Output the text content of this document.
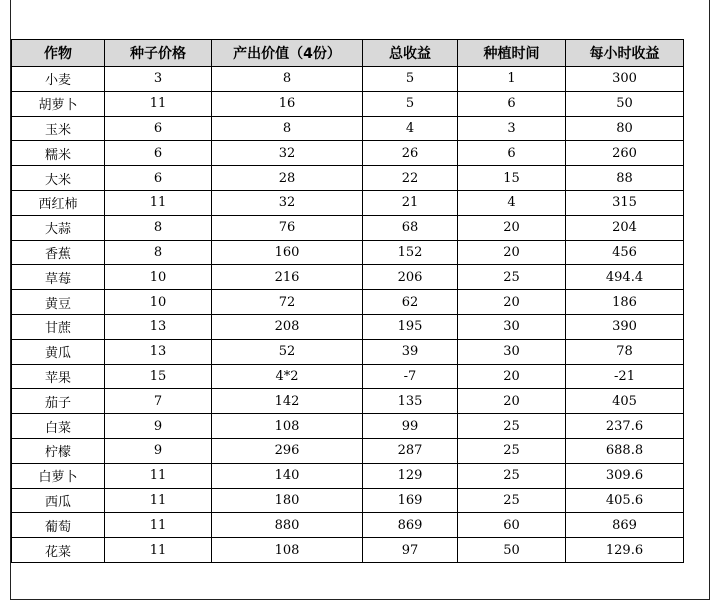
作物	种子价格	产出价值（4份）	总收益	种植时间	每小时收益
小麦	3	8	5	1	300
胡萝卜	11	16	5	6	50
玉米	6	8	4	3	80
糯米	6	32	26	6	260
大米	6	28	22	15	88
西红柿	11	32	21	4	315
大蒜	8	76	68	20	204
香蕉	8	160	152	20	456
草莓	10	216	206	25	494.4
黄豆	10	72	62	20	186
甘蔗	13	208	195	30	390
黄瓜	13	52	39	30	78
苹果	15	4*2	-7	20	-21
茄子	7	142	135	20	405
白菜	9	108	99	25	237.6
柠檬	9	296	287	25	688.8
白萝卜	11	140	129	25	309.6
西瓜	11	180	169	25	405.6
葡萄	11	880	869	60	869
花菜	11	108	97	50	129.6
